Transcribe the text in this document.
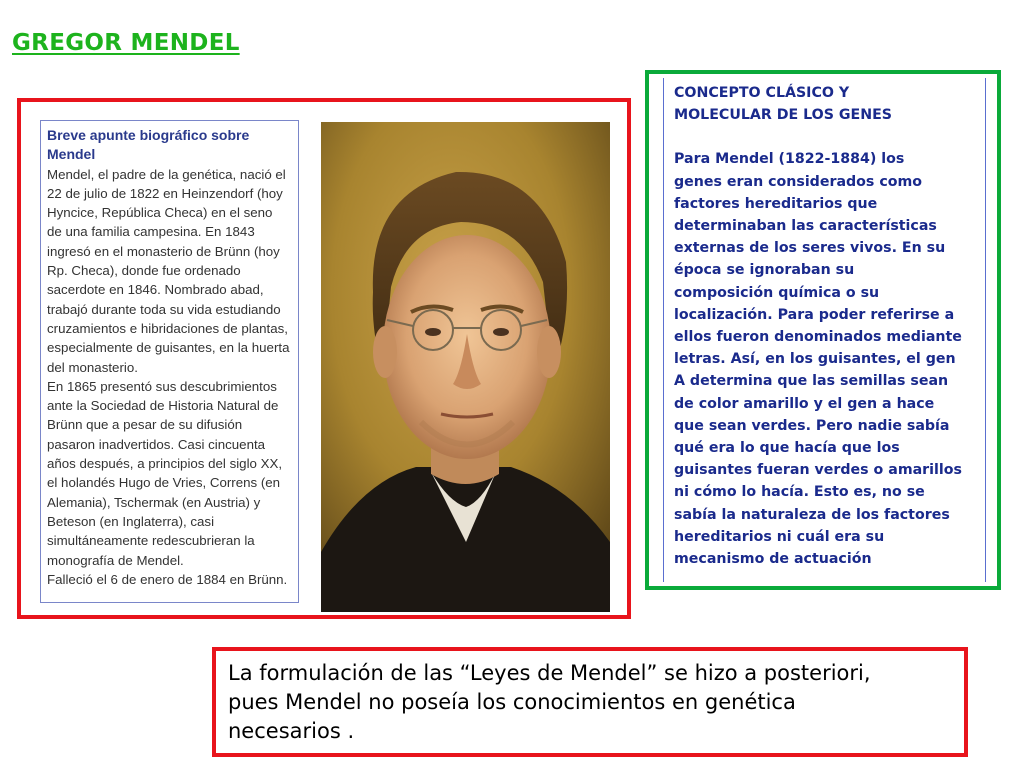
GREGOR MENDEL

Breve apunte biográfico sobre
Mendel

Mendel, el padre de la genética, nació el
22 de julio de 1822 en Heinzendorf (hoy
Hyncice, República Checa) en el seno
de una familia campesina. En 1843
ingresó en el monasterio de Brünn (hoy
Rp. Checa), donde fue ordenado
sacerdote en 1846. Nombrado abad,
trabajó durante toda su vida estudiando
cruzamientos e hibridaciones de plantas,
especialmente de guisantes, en la huerta
del monasterio.
En 1865 presentó sus descubrimientos
ante la Sociedad de Historia Natural de
Brünn que a pesar de su difusión
pasaron inadvertidos. Casi cincuenta
años después, a principios del siglo XX,
el holandés Hugo de Vries, Correns (en
Alemania), Tschermak (en Austria) y
Beteson (en Inglaterra), casi
simultáneamente redescubrieran la
monografía de Mendel.
Falleció el 6 de enero de 1884 en Brünn.

CONCEPTO CLÁSICO Y
MOLECULAR DE LOS GENES

Para Mendel (1822-1884) los
genes eran considerados como
factores hereditarios que
determinaban las características
externas de los seres vivos. En su
época se ignoraban su
composición química o su
localización. Para poder referirse a
ellos fueron denominados mediante
letras. Así, en los guisantes, el gen
A determina que las semillas sean
de color amarillo y el gen a hace
que sean verdes. Pero nadie sabía
qué era lo que hacía que los
guisantes fueran verdes o amarillos
ni cómo lo hacía. Esto es, no se
sabía la naturaleza de los factores
hereditarios ni cuál era su
mecanismo de actuación

La formulación de las “Leyes de Mendel” se hizo a posteriori,
pues Mendel no poseía los conocimientos en genética
necesarios .
